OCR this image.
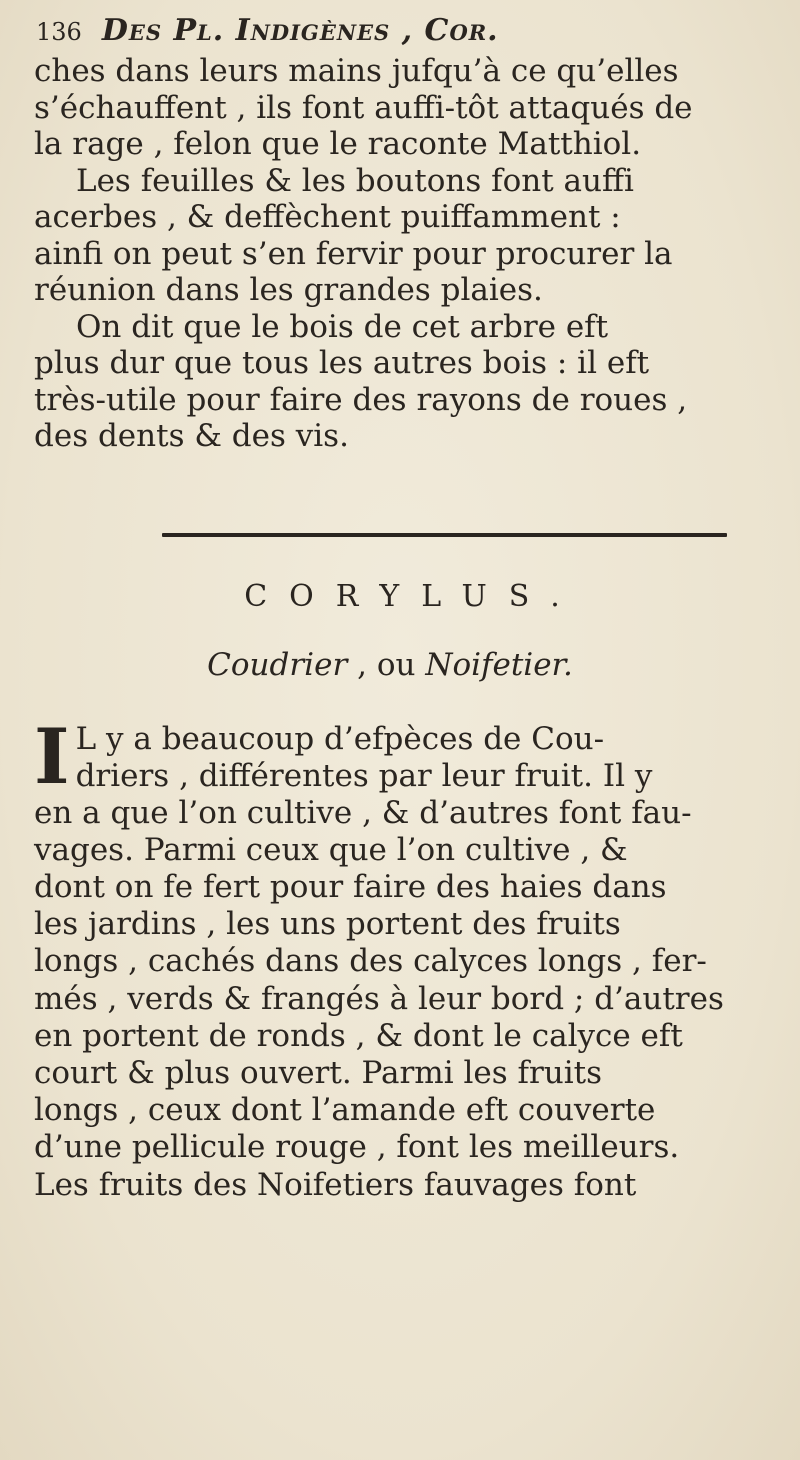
136 Des Pl. Indigènes , Cor.

ches dans leurs mains jufqu’à ce qu’elles

s’échauffent , ils font auffi-tôt attaqués de

la rage , felon que le raconte Matthiol.

Les feuilles & les boutons font auffi

acerbes , & deffèchent puiffamment :

ainfi on peut s’en fervir pour procurer la

réunion dans les grandes plaies.

On dit que le bois de cet arbre eft

plus dur que tous les autres bois : il eft

très-utile pour faire des rayons de roues ,

des dents & des vis.

CORYLUS.
Coudrier , ou Noifetier.
I L y a beaucoup d’efpèces de Cou-

driers , différentes par leur fruit. Il y

en a que l’on cultive , & d’autres font fau-

vages. Parmi ceux que l’on cultive , &

dont on fe fert pour faire des haies dans

les jardins , les uns portent des fruits

longs , cachés dans des calyces longs , fer-

més , verds & frangés à leur bord ; d’autres

en portent de ronds , & dont le calyce eft

court & plus ouvert. Parmi les fruits

longs , ceux dont l’amande eft couverte

d’une pellicule rouge , font les meilleurs.

Les fruits des Noifetiers fauvages font
